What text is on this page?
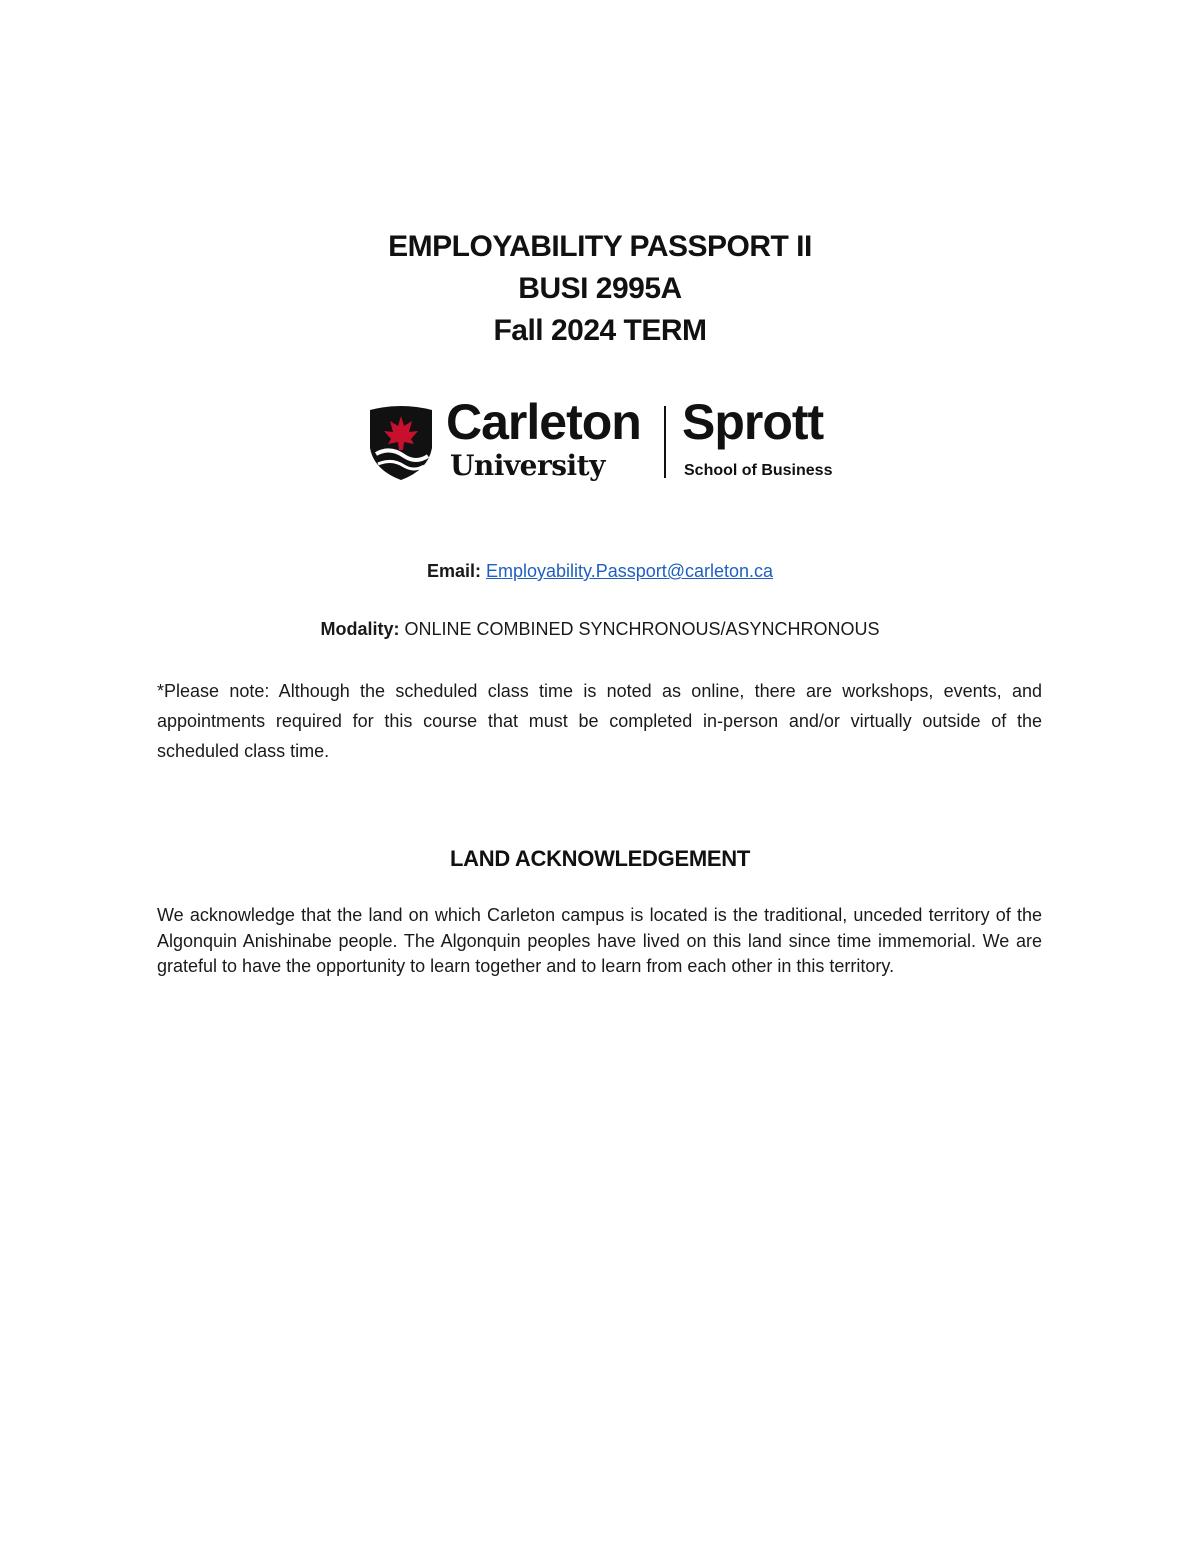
EMPLOYABILITY PASSPORT II
BUSI 2995A
Fall 2024 TERM
Carleton
University
Sprott
School of Business
Email: Employability.Passport@carleton.ca
Modality: ONLINE COMBINED SYNCHRONOUS/ASYNCHRONOUS
*Please note: Although the scheduled class time is noted as online, there are workshops, events, and appointments required for this course that must be completed in-person and/or virtually outside of the scheduled class time.
LAND ACKNOWLEDGEMENT
We acknowledge that the land on which Carleton campus is located is the traditional, unceded territory of the Algonquin Anishinabe people. The Algonquin peoples have lived on this land since time immemorial. We are grateful to have the opportunity to learn together and to learn from each other in this territory.
